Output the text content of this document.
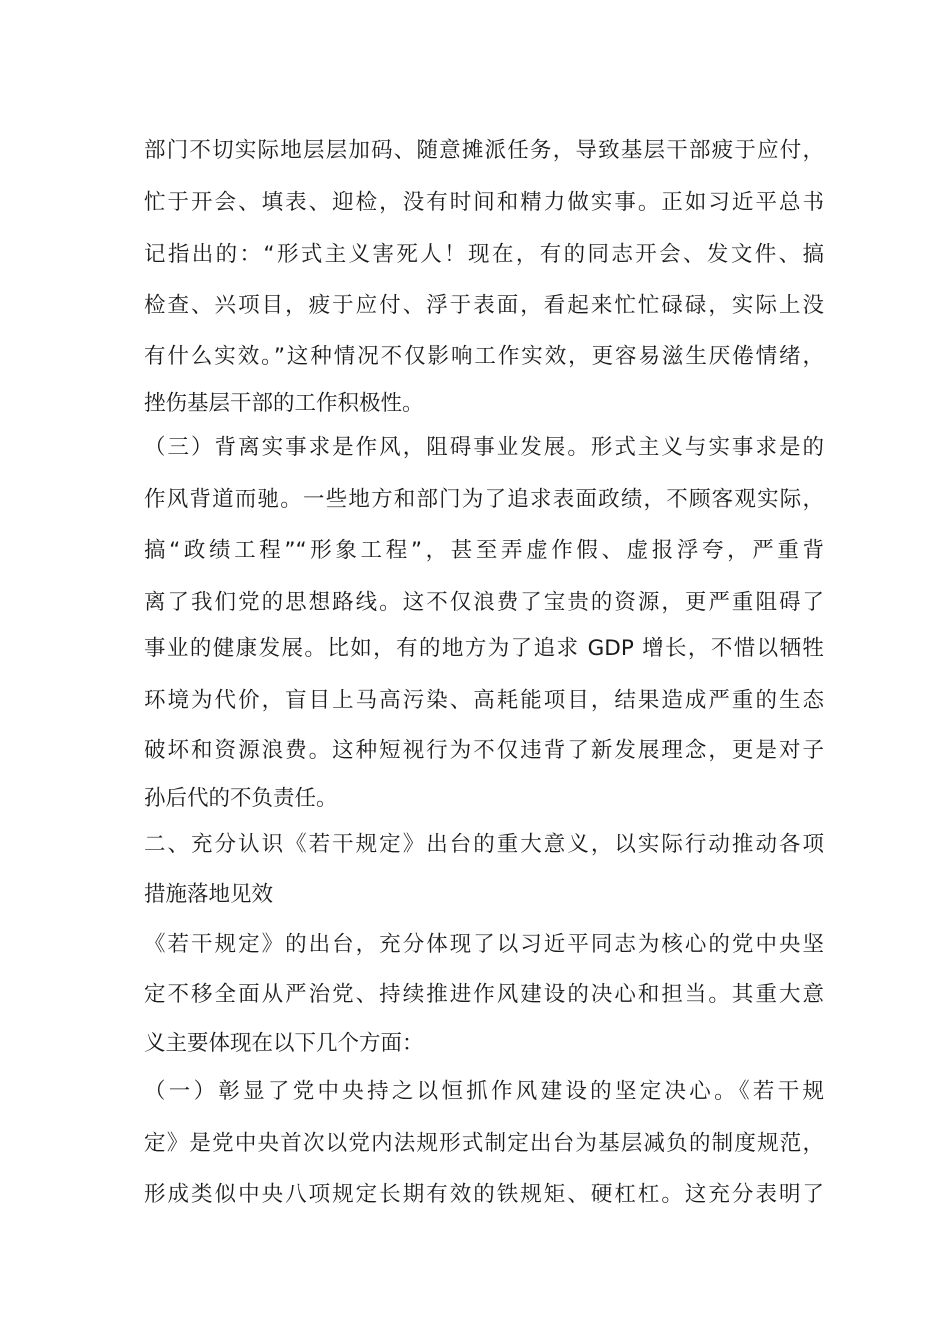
部门不切实际地层层加码、随意摊派任务，导致基层干部疲于应付，
忙于开会、填表、迎检，没有时间和精力做实事。正如习近平总书
记指出的：“形式主义害死人！现在，有的同志开会、发文件、搞
检查、兴项目，疲于应付、浮于表面，看起来忙忙碌碌，实际上没
有什么实效。”这种情况不仅影响工作实效，更容易滋生厌倦情绪，
挫伤基层干部的工作积极性。
（三）背离实事求是作风，阻碍事业发展。形式主义与实事求是的
作风背道而驰。一些地方和部门为了追求表面政绩，不顾客观实际，
搞“政绩工程”“形象工程”，甚至弄虚作假、虚报浮夸，严重背
离了我们党的思想路线。这不仅浪费了宝贵的资源，更严重阻碍了
事业的健康发展。比如，有的地方为了追求 GDP 增长，不惜以牺牲
环境为代价，盲目上马高污染、高耗能项目，结果造成严重的生态
破坏和资源浪费。这种短视行为不仅违背了新发展理念，更是对子
孙后代的不负责任。
二、充分认识《若干规定》出台的重大意义，以实际行动推动各项
措施落地见效
《若干规定》的出台，充分体现了以习近平同志为核心的党中央坚
定不移全面从严治党、持续推进作风建设的决心和担当。其重大意
义主要体现在以下几个方面：
（一）彰显了党中央持之以恒抓作风建设的坚定决心。《若干规
定》是党中央首次以党内法规形式制定出台为基层减负的制度规范，
形成类似中央八项规定长期有效的铁规矩、硬杠杠。这充分表明了
